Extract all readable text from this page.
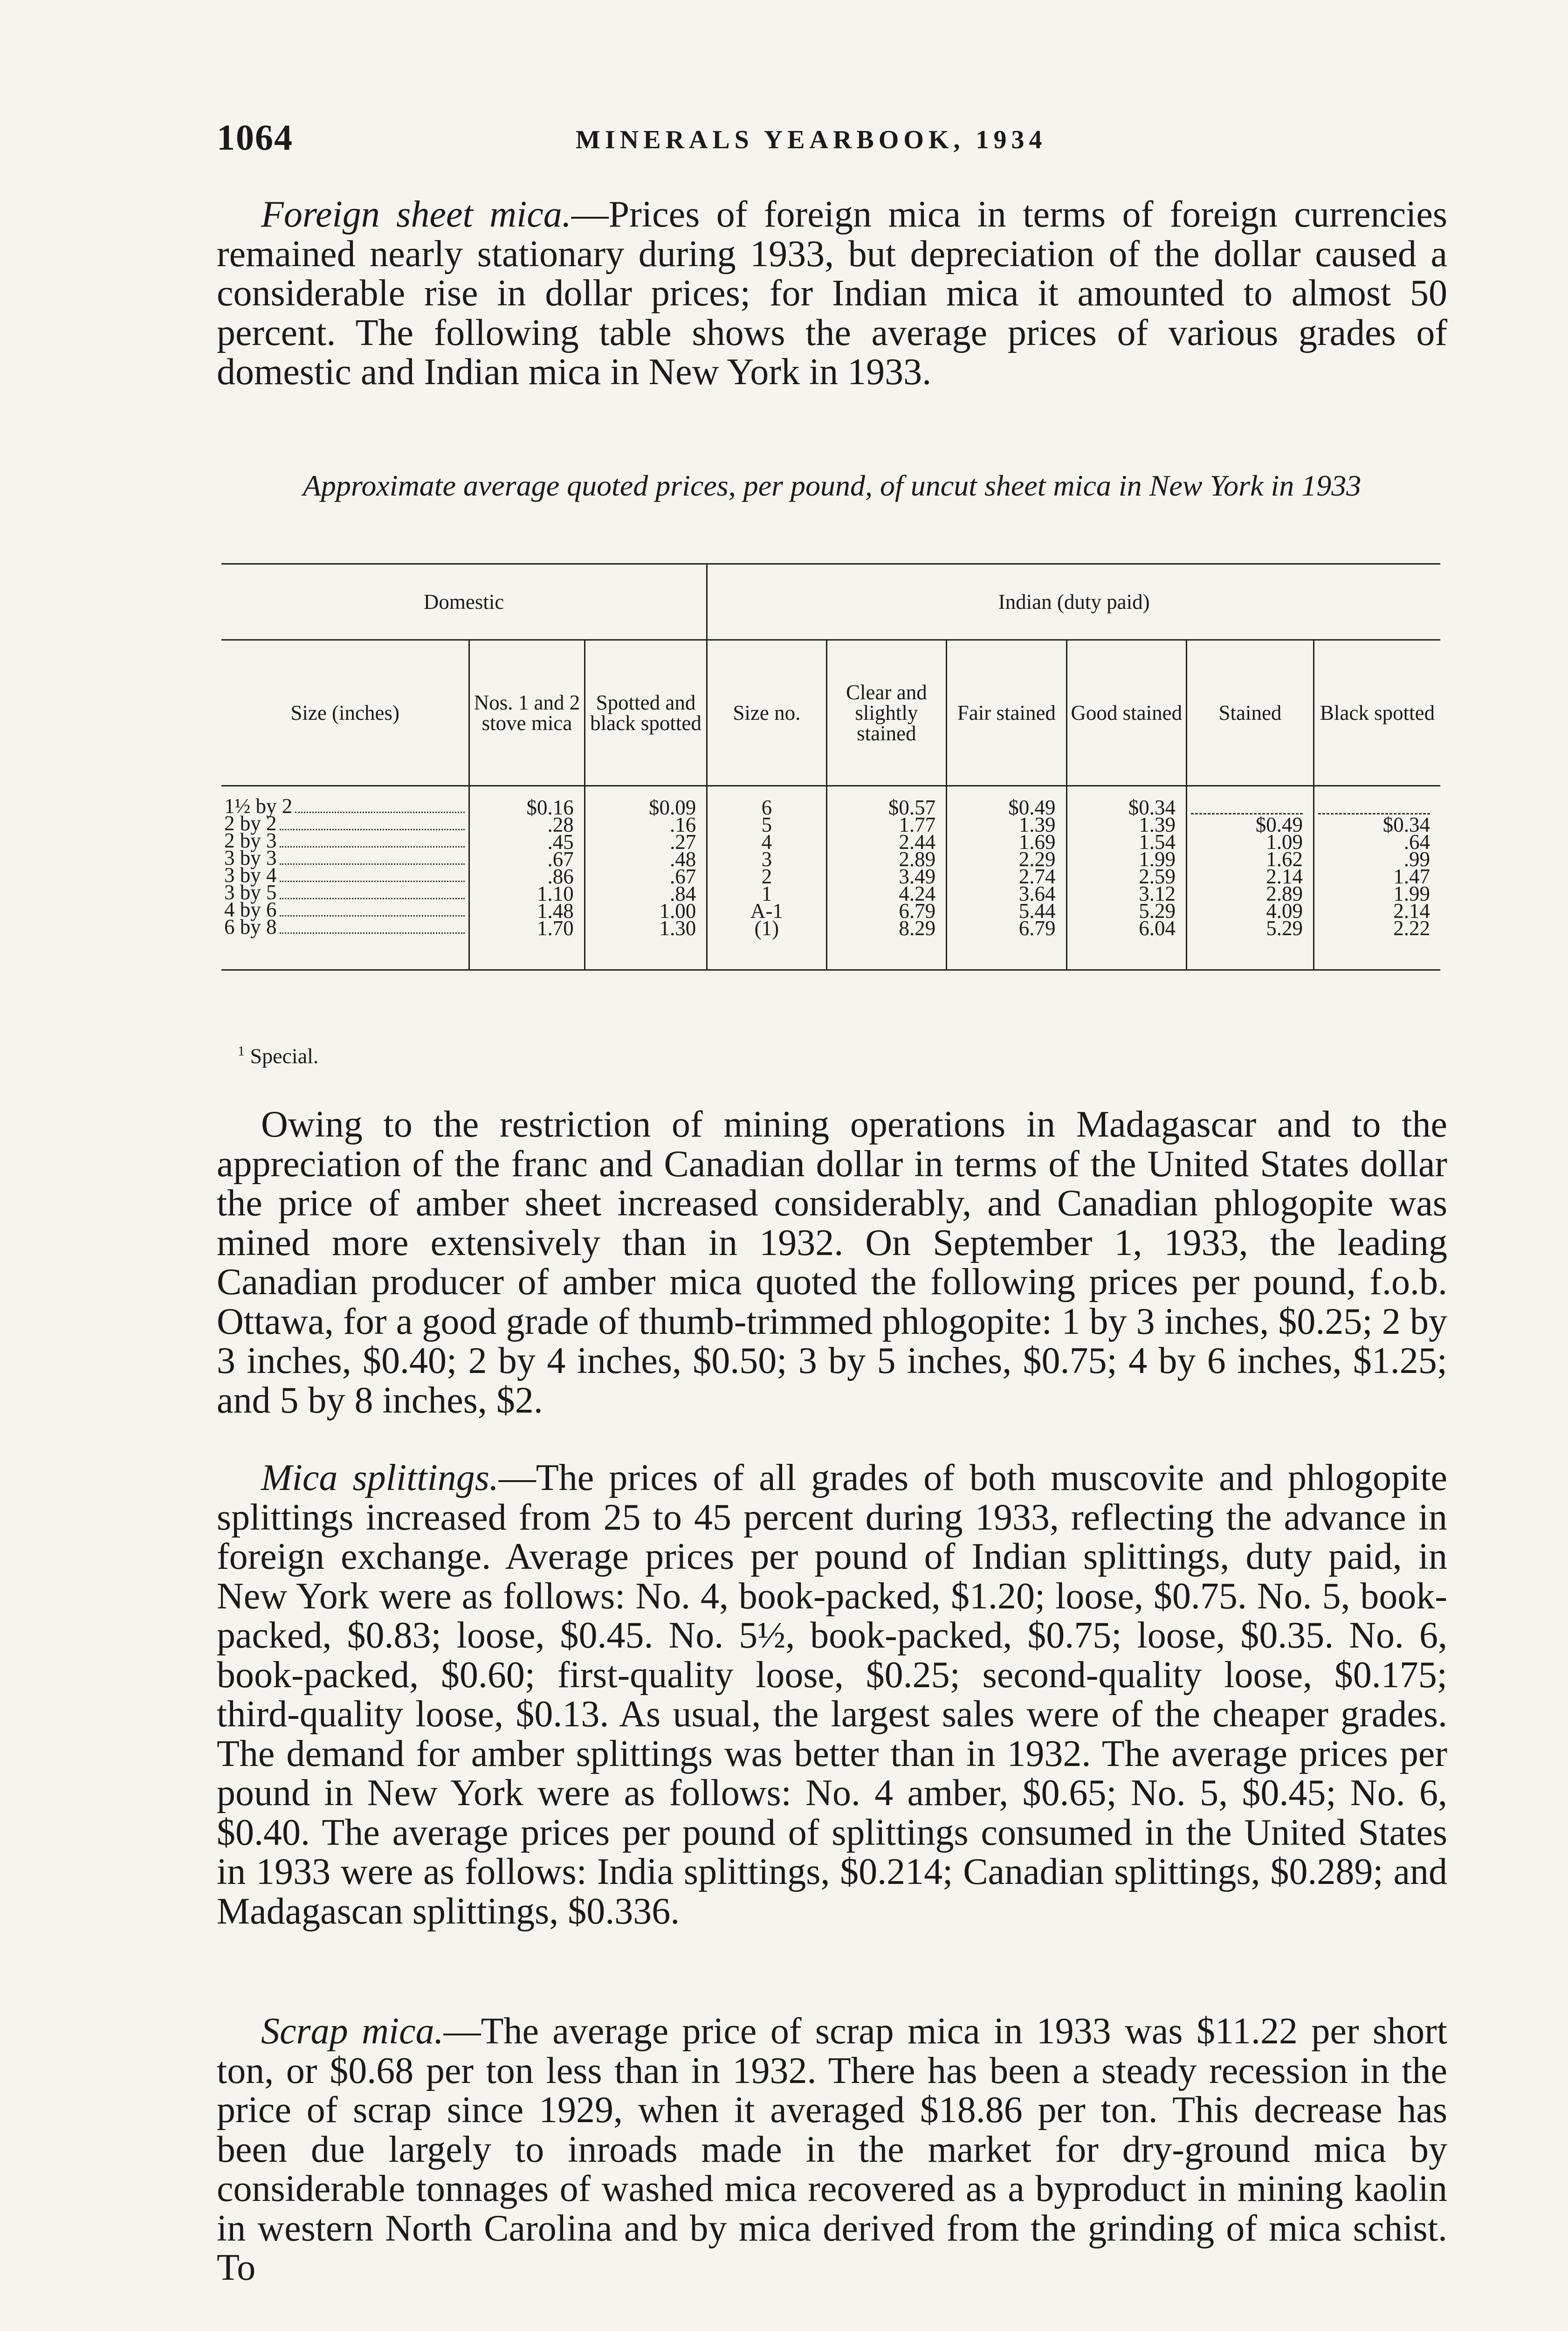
1064	MINERALS YEARBOOK, 1934

Foreign sheet mica.—Prices of foreign mica in terms of foreign currencies remained nearly stationary during 1933, but depreciation of the dollar caused a considerable rise in dollar prices; for Indian mica it amounted to almost 50 percent. The following table shows the average prices of various grades of domestic and Indian mica in New York in 1933.

Approximate average quoted prices, per pound, of uncut sheet mica in New York in 1933

Domestic			Indian (duty paid)					
Size (inches)	Nos. 1 and 2 stove mica	Spotted and black spotted	Size no.	Clear and slightly stained	Fair stained	Good stained	Stained	Black spotted

1½ by 2	$0.16	$0.09	6	$0.57	$0.49	$0.34		

2 by 2	.28	.16	5	1.77	1.39	1.39	$0.49	$0.34

2 by 3	.45	.27	4	2.44	1.69	1.54	1.09	.64

3 by 3	.67	.48	3	2.89	2.29	1.99	1.62	.99

3 by 4	.86	.67	2	3.49	2.74	2.59	2.14	1.47

3 by 5	1.10	.84	1	4.24	3.64	3.12	2.89	1.99

4 by 6	1.48	1.00	A-1	6.79	5.44	5.29	4.09	2.14

6 by 8	1.70	1.30	(1)	8.29	6.79	6.04	5.29	2.22

$^1$ Special.

Owing to the restriction of mining operations in Madagascar and to the appreciation of the franc and Canadian dollar in terms of the United States dollar the price of amber sheet increased considerably, and Canadian phlogopite was mined more extensively than in 1932. On September 1, 1933, the leading Canadian producer of amber mica quoted the following prices per pound, f.o.b. Ottawa, for a good grade of thumb-trimmed phlogopite: 1 by 3 inches, $0.25; 2 by 3 inches, $0.40; 2 by 4 inches, $0.50; 3 by 5 inches, $0.75; 4 by 6 inches, $1.25; and 5 by 8 inches, $2.

Mica splittings.—The prices of all grades of both muscovite and phlogopite splittings increased from 25 to 45 percent during 1933, reflecting the advance in foreign exchange. Average prices per pound of Indian splittings, duty paid, in New York were as follows: No. 4, book-packed, $1.20; loose, $0.75. No. 5, book-packed, $0.83; loose, $0.45. No. 5½, book-packed, $0.75; loose, $0.35. No. 6, book-packed, $0.60; first-quality loose, $0.25; second-quality loose, $0.175; third-quality loose, $0.13. As usual, the largest sales were of the cheaper grades. The demand for amber splittings was better than in 1932. The average prices per pound in New York were as follows: No. 4 amber, $0.65; No. 5, $0.45; No. 6, $0.40. The average prices per pound of splittings consumed in the United States in 1933 were as follows: India splittings, $0.214; Canadian splittings, $0.289; and Madagascan splittings, $0.336.

Scrap mica.—The average price of scrap mica in 1933 was $11.22 per short ton, or $0.68 per ton less than in 1932. There has been a steady recession in the price of scrap since 1929, when it averaged $18.86 per ton. This decrease has been due largely to inroads made in the market for dry-ground mica by considerable tonnages of washed mica recovered as a byproduct in mining kaolin in western North Carolina and by mica derived from the grinding of mica schist. To
